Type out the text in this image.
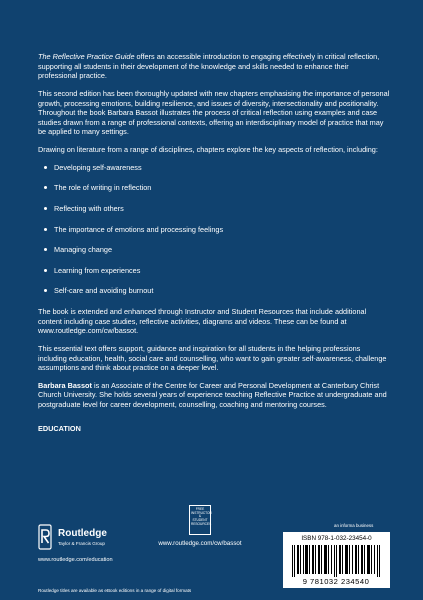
The Reflective Practice Guide offers an accessible introduction to engaging effectively in critical reflection, supporting all students in their development of the knowledge and skills needed to enhance their professional practice.

This second edition has been thoroughly updated with new chapters emphasising the importance of personal growth, processing emotions, building resilience, and issues of diversity, intersectionality and positionality. Throughout the book Barbara Bassot illustrates the process of critical reflection using examples and case studies drawn from a range of professional contexts, offering an interdisciplinary model of practice that may be applied to many settings.

Drawing on literature from a range of disciplines, chapters explore the key aspects of reflection, including:

Developing self-awareness
The role of writing in reflection
Reflecting with others
The importance of emotions and processing feelings
Managing change
Learning from experiences
Self-care and avoiding burnout

The book is extended and enhanced through Instructor and Student Resources that include additional content including case studies, reflective activities, diagrams and videos. These can be found at www.routledge.com/cw/bassot.

This essential text offers support, guidance and inspiration for all students in the helping professions including education, health, social care and counselling, who want to gain greater self-awareness, challenge assumptions and think about practice on a deeper level.

Barbara Bassot is an Associate of the Centre for Career and Personal Development at Canterbury Christ Church University. She holds several years of experience teaching Reflective Practice at undergraduate and postgraduate level for career development, counselling, coaching and mentoring courses.

EDUCATION
Routledge
Taylor & Francis Group
www.routledge.com/education
FREE INSTRUCTOR & STUDENT RESOURCES
www.routledge.com/cw/bassot
an informa business
ISBN 978-1-032-23454-0
9 781032 234540
Routledge titles are available as eBook editions in a range of digital formats
